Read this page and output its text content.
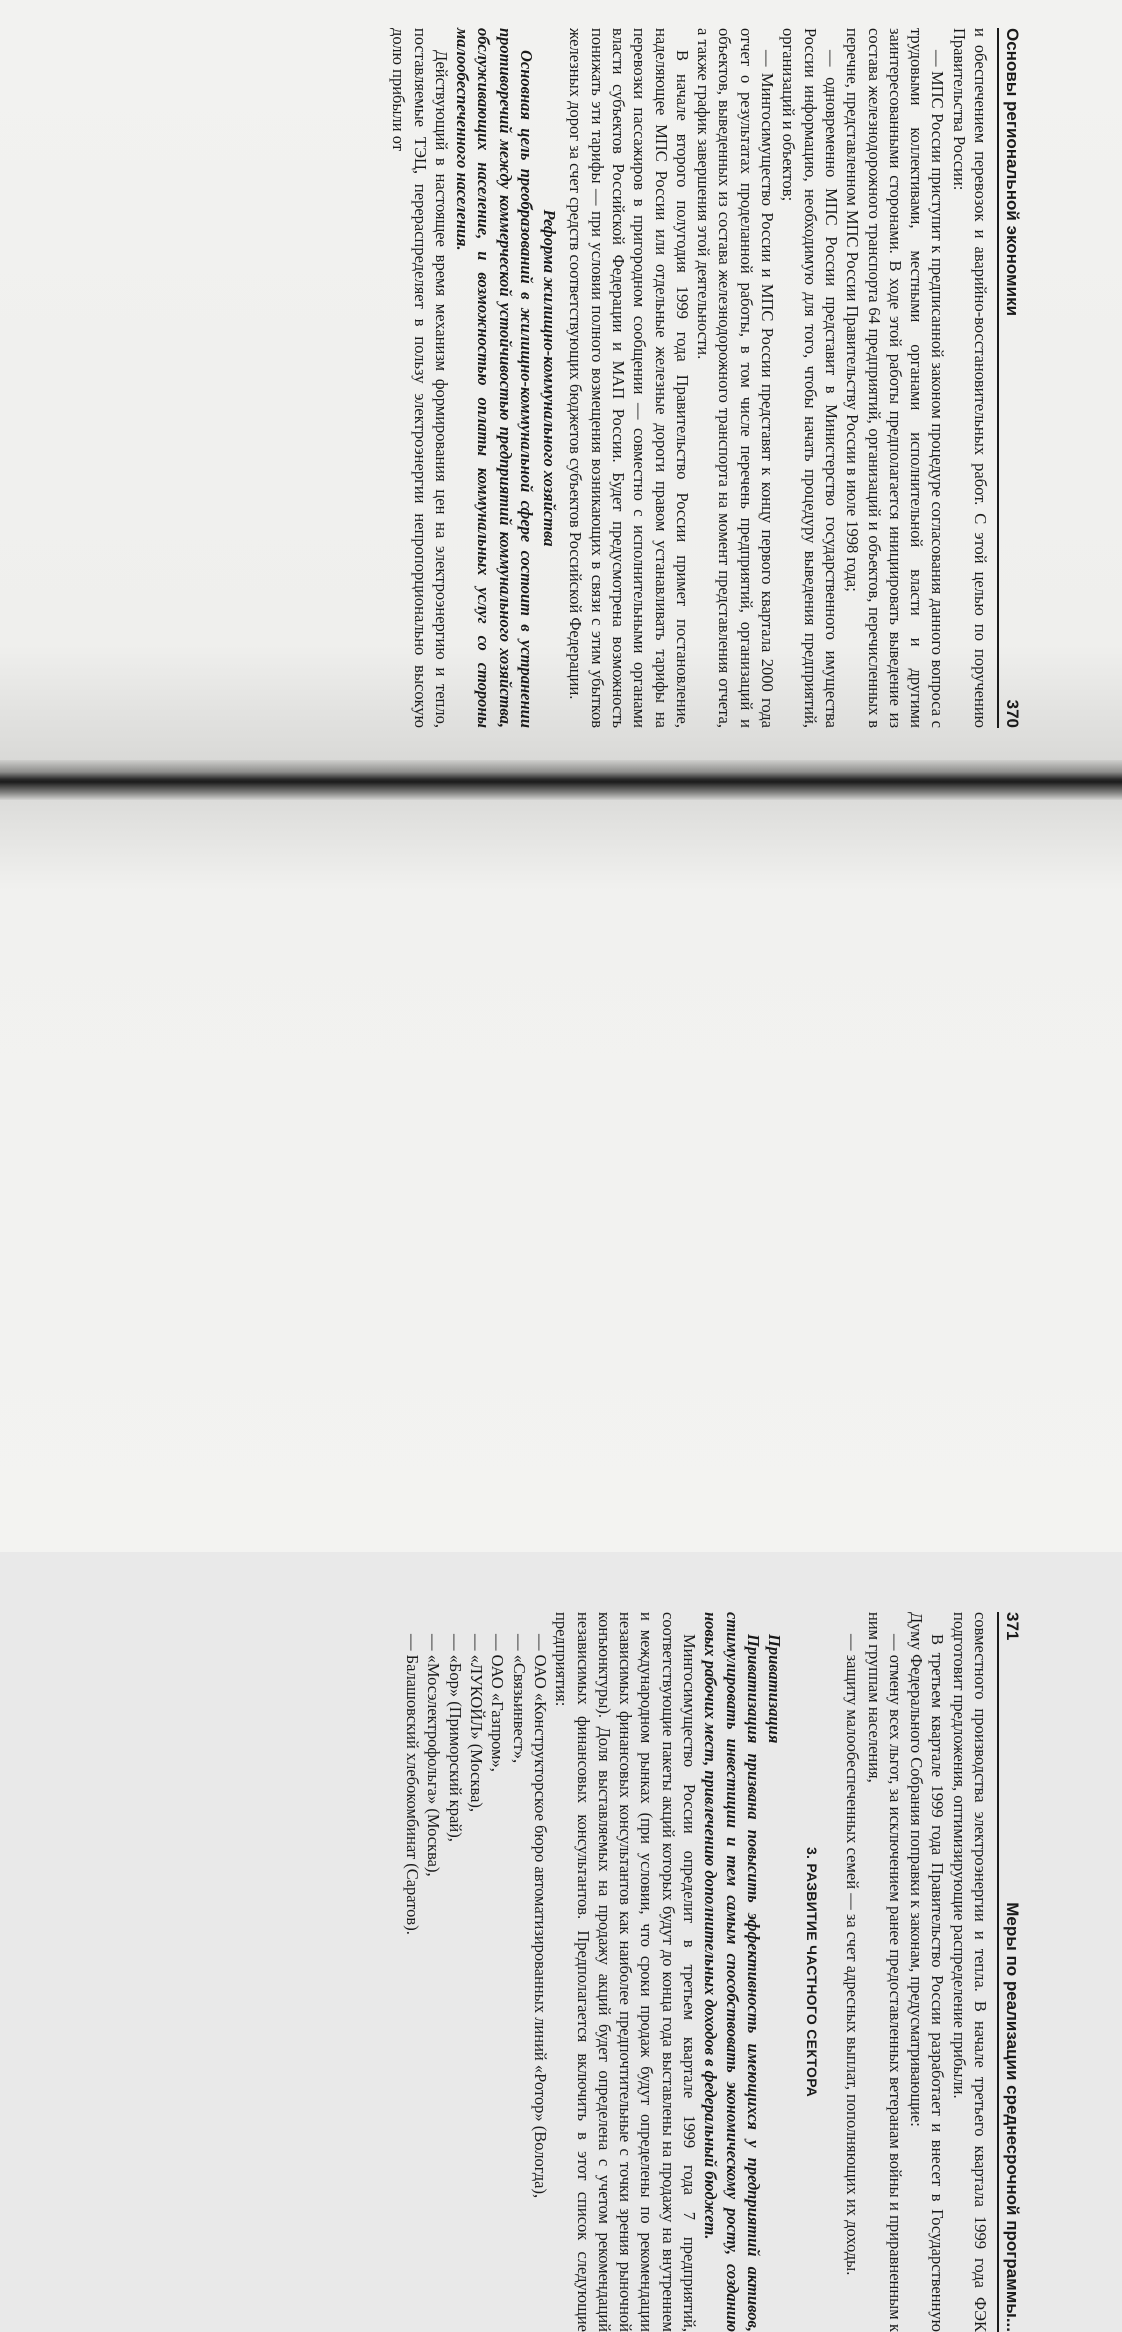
Основы региональной экономики
370

и обеспечением перевозок и аварийно-восстановительных работ. С этой целью по поручению Правительства России:

— МПС России приступит к предписанной законом процедуре согласования данного вопроса с трудовыми коллективами, местными органами исполнительной власти и другими заинтересованными сторонами. В ходе этой работы предполагается инициировать выведение из состава железнодорожного транспорта 64 предприятий, организаций и объектов, перечисленных в перечне, представленном МПС России Правительству России в июле 1998 года;

— одновременно МПС России представит в Министерство государственного имущества России информацию, необходимую для того, чтобы начать процедуру выведения предприятий, организаций и объектов;

— Мингосимущество России и МПС России представят к концу первого квартала 2000 года отчет о результатах проделанной работы, в том числе перечень предприятий, организаций и объектов, выведенных из состава железнодорожного транспорта на момент представления отчета, а также график завершения этой деятельности.

В начале второго полугодия 1999 года Правительство России примет постановление, наделяющее МПС России или отдельные железные дороги правом устанавливать тарифы на перевозки пассажиров в пригородном сообщении — совместно с исполнительными органами власти субъектов Российской Федерации и МАП России. Будет предусмотрена возможность понижать эти тарифы — при условии полного возмещения возникающих в связи с этим убытков железных дорог за счет средств соответствующих бюджетов субъектов Российской Федерации.

Реформа жилищно-коммунального хозяйства

Основная цель преобразований в жилищно-коммунальной сфере состоит в устранении противоречий между коммерческой устойчивостью предприятий коммунального хозяйства, обслуживающих население, и возможностью оплаты коммунальных услуг со стороны малообеспеченного населения.

Действующий в настоящее время механизм формирования цен на электроэнергию и тепло, поставляемые ТЭЦ, перераспределяет в пользу электроэнергии непропорционально высокую долю прибыли от

371
Меры по реализации среднесрочной программы...

совместного производства электроэнергии и тепла. В начале третьего квартала 1999 года ФЭК подготовит предложения, оптимизирующие распределение прибыли.

В третьем квартале 1999 года Правительство России разработает и внесет в Государственную Думу Федерального Собрания поправки к законам, предусматривающие:

— отмену всех льгот, за исключением ранее предоставленных ветеранам войны и приравненным к ним группам населения,

— защиту малообеспеченных семей — за счет адресных выплат, пополняющих их доходы.

3. РАЗВИТИЕ ЧАСТНОГО СЕКТОРА
Приватизация

Приватизация призвана повысить эффективность имеющихся у предприятий активов, стимулировать инвестиции и тем самым способствовать экономическому росту, созданию новых рабочих мест, привлечению дополнительных доходов в федеральный бюджет.

Мингосимущество России определит в третьем квартале 1999 года 7 предприятий, соответствующие пакеты акций которых будут до конца года выставлены на продажу на внутреннем и международном рынках (при условии, что сроки продаж будут определены по рекомендации независимых финансовых консультантов как наиболее предпочтительные с точки зрения рыночной конъюнктуры). Доля выставляемых на продажу акций будет определена с учетом рекомендаций независимых финансовых консультантов. Предполагается включить в этот список следующие предприятия:

— ОАО «Конструкторское бюро автоматизированных линий «Ротор» (Вологда),
— «Связьинвест»,
— ОАО «Газпром»,
— «ЛУКОЙЛ» (Москва),
— «Бор» (Приморский край),
— «Мосэлектрофольга» (Москва),
— Балашовский хлебокомбинат (Саратов).
